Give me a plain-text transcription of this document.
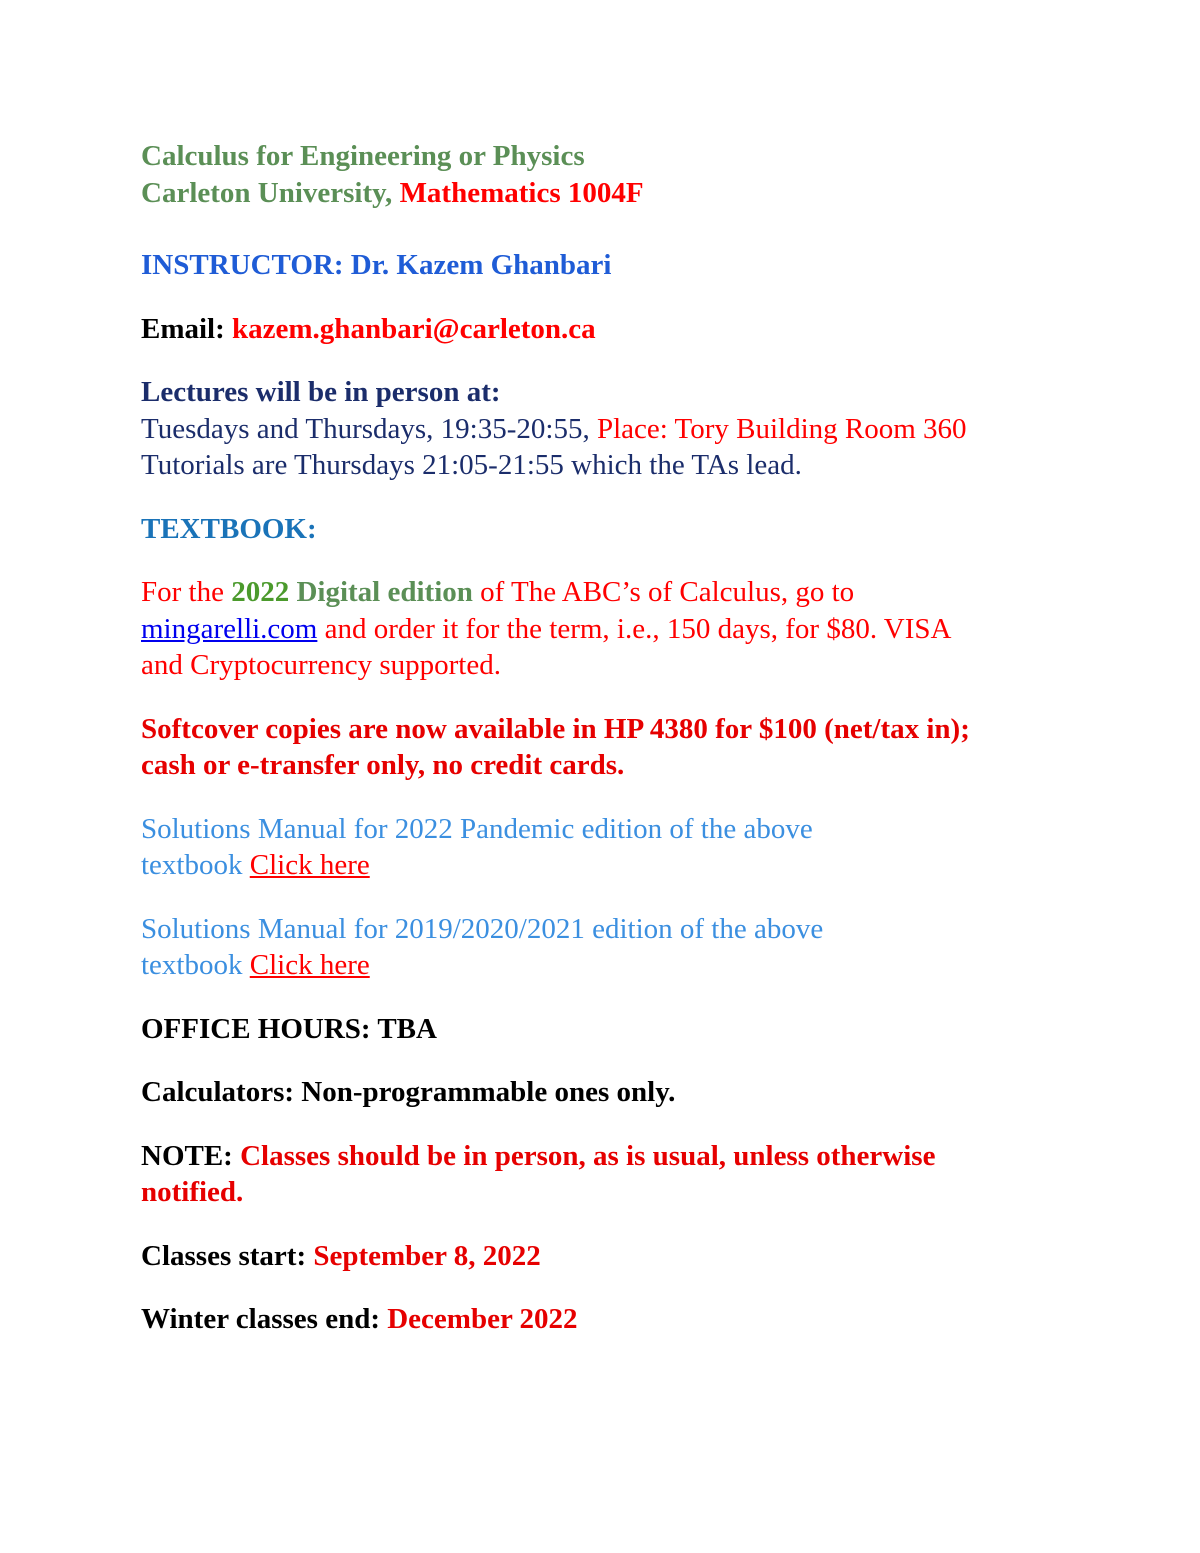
Calculus for Engineering or Physics
Carleton University, Mathematics 1004F

INSTRUCTOR: Dr. Kazem Ghanbari

Email: kazem.ghanbari@carleton.ca

Lectures will be in person at:
Tuesdays and Thursdays, 19:35-20:55, Place: Tory Building Room 360
Tutorials are Thursdays 21:05-21:55 which the TAs lead.

TEXTBOOK:

For the 2022 Digital edition of The ABC’s of Calculus, go to
mingarelli.com and order it for the term, i.e., 150 days, for $80. VISA
and Cryptocurrency supported.

Softcover copies are now available in HP 4380 for $100 (net/tax in);
cash or e-transfer only, no credit cards.

Solutions Manual for 2022 Pandemic edition of the above
textbook Click here

Solutions Manual for 2019/2020/2021 edition of the above
textbook Click here

OFFICE HOURS: TBA

Calculators: Non-programmable ones only.

NOTE: Classes should be in person, as is usual, unless otherwise
notified.

Classes start: September 8, 2022

Winter classes end: December 2022
